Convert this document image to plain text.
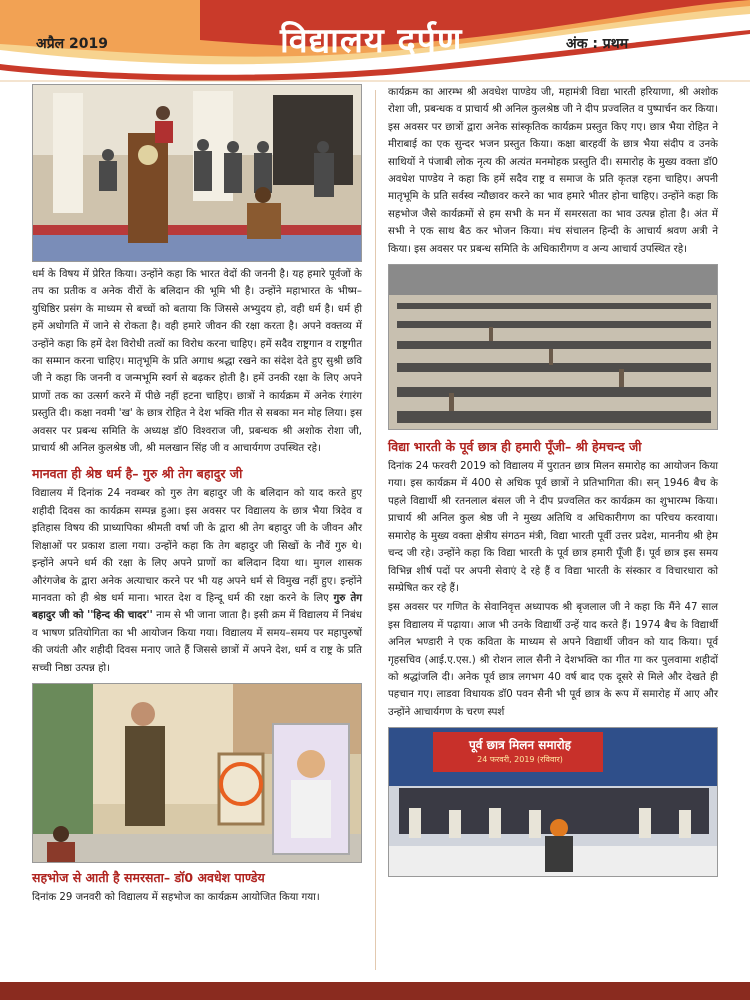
अप्रैल 2019	विद्यालय दर्पण	अंक : प्रथम

धर्म के विषय में प्रेरित किया। उन्होंने कहा कि भारत वेदों की जननी है। यह हमारे पूर्वजों के तप का प्रतीक व अनेक वीरों के बलिदान की भूमि भी है। उन्होंने महाभारत के भीष्म–युधिष्ठिर प्रसंग के माध्यम से बच्चों को बताया कि जिससे अभ्युदय हो, वही धर्म है। धर्म ही हमें अधोगति में जाने से रोकता है। वही हमारे जीवन की रक्षा करता है। अपने वक्तव्य में उन्होंने कहा कि हमें देश विरोधी तत्वों का विरोध करना चाहिए। हमें सदैव राष्ट्रगान व राष्ट्रगीत का सम्मान करना चाहिए। मातृभूमि के प्रति अगाध श्रद्धा रखने का संदेश देते हुए सुश्री छवि जी ने कहा कि जननी व जन्मभूमि स्वर्ग से बढ़कर होती है। हमें उनकी रक्षा के लिए अपने प्राणों तक का उत्सर्ग करने में पीछे नहीं हटना चाहिए। छात्रों ने कार्यक्रम में अनेक रंगारंग प्रस्तुति दी। कक्षा नवमी 'ख' के छात्र रोहित ने देश भक्ति गीत से सबका मन मोह लिया। इस अवसर पर प्रबन्ध समिति के अध्यक्ष डॉ0 विश्वराज जी, प्रबन्धक श्री अशोक रोशा जी, प्राचार्य श्री अनिल कुलश्रेष्ठ जी, श्री मलखान सिंह जी व आचार्यगण उपस्थित रहे।

मानवता ही श्रेष्ठ धर्म है– गुरु श्री तेग बहादुर जी

विद्यालय में दिनांक 24 नवम्बर को गुरु तेग बहादुर जी के बलिदान को याद करते हुए शहीदी दिवस का कार्यक्रम सम्पन्न हुआ। इस अवसर पर विद्यालय के छात्र भैया त्रिदेव व इतिहास विषय की प्राध्यापिका श्रीमती वर्षा जी के द्वारा श्री तेग बहादुर जी के जीवन और शिक्षाओं पर प्रकाश डाला गया। उन्होंने कहा कि तेग बहादुर जी सिखों के नौवें गुरु थे। इन्होंने अपने धर्म की रक्षा के लिए अपने प्राणों का बलिदान दिया था। मुगल शासक औरंगजेब के द्वारा अनेक अत्याचार करने पर भी यह अपने धर्म से विमुख नहीं हुए। इन्होंने मानवता को ही श्रेष्ठ धर्म माना। भारत देश व हिन्दू धर्म की रक्षा करने के लिए गुरु तेग बहादुर जी को ''हिन्द की चादर'' नाम से भी जाना जाता है। इसी क्रम में विद्यालय में निबंध व भाषण प्रतियोगिता का भी आयोजन किया गया। विद्यालय में समय–समय पर महापुरुषों की जयंती और शहीदी दिवस मनाए जाते हैं जिससे छात्रों में अपने देश, धर्म व राष्ट्र के प्रति सच्ची निष्ठा उत्पन्न हो।

सहभोज से आती है समरसता– डॉ0 अवधेश पाण्डेय

दिनांक 29 जनवरी को विद्यालय में सहभोज का कार्यक्रम आयोजित किया गया।

कार्यक्रम का आरम्भ श्री अवधेश पाण्डेय जी, महामंत्री विद्या भारती हरियाणा, श्री अशोक रोशा जी, प्रबन्धक व प्राचार्य श्री अनिल कुलश्रेष्ठ जी ने दीप प्रज्वलित व पुष्पार्चन कर किया। इस अवसर पर छात्रों द्वारा अनेक सांस्कृतिक कार्यक्रम प्रस्तुत किए गए। छात्र भैया रोहित ने मीराबाई का एक सुन्दर भजन प्रस्तुत किया। कक्षा बारहवीं के छात्र भैया संदीप व उनके साथियों ने पंजाबी लोक नृत्य की अत्यंत मनमोहक प्रस्तुति दी। समारोह के मुख्य वक्ता डॉ0 अवधेश पाण्डेय ने कहा कि हमें सदैव राष्ट्र व समाज के प्रति कृतज्ञ रहना चाहिए। अपनी मातृभूमि के प्रति सर्वस्व न्यौछावर करने का भाव हमारे भीतर होना चाहिए। उन्होंने कहा कि सहभोज जैसे कार्यक्रमों से हम सभी के मन में समरसता का भाव उत्पन्न होता है। अंत में सभी ने एक साथ बैठ कर भोजन किया। मंच संचालन हिन्दी के आचार्य श्रवण अत्री ने किया। इस अवसर पर प्रबन्ध समिति के अधिकारीगण व अन्य आचार्य उपस्थित रहे।

विद्या भारती के पूर्व छात्र ही हमारी पूँजी– श्री हेमचन्द जी

दिनांक 24 फरवरी 2019 को विद्यालय में पुरातन छात्र मिलन समारोह का आयोजन किया गया। इस कार्यक्रम में 400 से अधिक पूर्व छात्रों ने प्रतिभागिता की। सन् 1946 बैच के पहले विद्यार्थी श्री रतनलाल बंसल जी ने दीप प्रज्वलित कर कार्यक्रम का शुभारम्भ किया। प्राचार्य श्री अनिल कुल श्रेष्ठ जी ने मुख्य अतिथि व अधिकारीगण का परिचय करवाया। समारोह के मुख्य वक्ता क्षेत्रीय संगठन मंत्री, विद्या भारती पूर्वी उत्तर प्रदेश, माननीय श्री हेम चन्द जी रहे। उन्होंने कहा कि विद्या भारती के पूर्व छात्र हमारी पूँजी हैं। पूर्व छात्र इस समय विभिन्न शीर्ष पदों पर अपनी सेवाएं दे रहे हैं व विद्या भारती के संस्कार व विचारधारा को सम्प्रेषित कर रहे हैं।

इस अवसर पर गणित के सेवानिवृत्त अध्यापक श्री बृजलाल जी ने कहा कि मैंने 47 साल इस विद्यालय में पढ़ाया। आज भी उनके विद्यार्थी उन्हें याद करते हैं। 1974 बैच के विद्यार्थी अनिल भण्डारी ने एक कविता के माध्यम से अपने विद्यार्थी जीवन को याद किया। पूर्व गृहसचिव (आई.ए.एस.) श्री रोशन लाल सैनी ने देशभक्ति का गीत गा कर पुलवामा शहीदों को श्रद्धांजलि दी। अनेक पूर्व छात्र लगभग 40 वर्ष बाद एक दूसरे से मिले और देखते ही पहचान गए। लाडवा विधायक डॉ0 पवन सैनी भी पूर्व छात्र के रूप में समारोह में आए और उन्होंने आचार्यगण के चरण स्पर्श

पूर्व छात्र मिलन समारोह
24 फरवरी, 2019 (रविवार)
